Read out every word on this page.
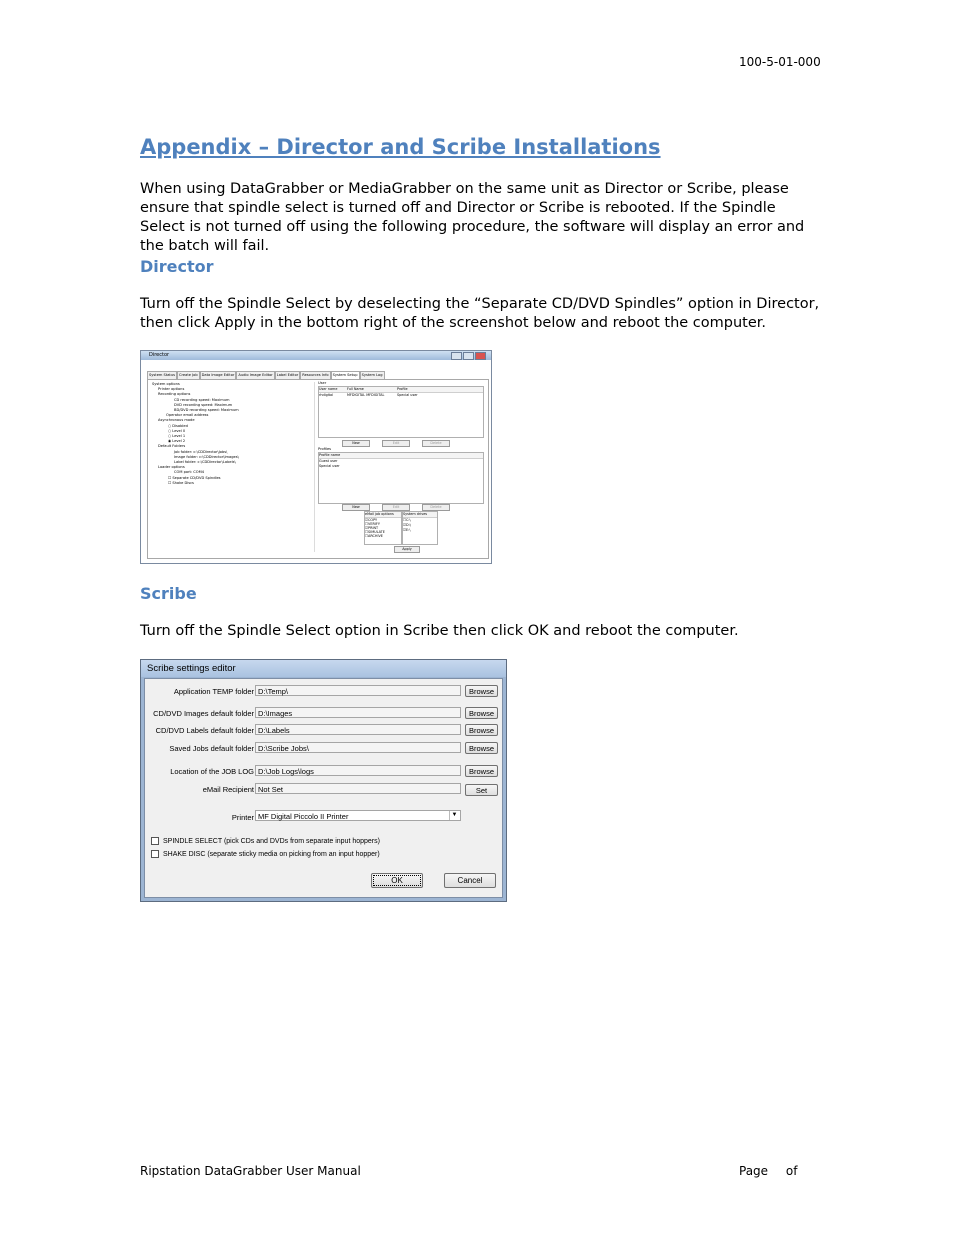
100-5-01-000
Appendix – Director and Scribe Installations

When using DataGrabber or MediaGrabber on the same unit as Director or Scribe, please ensure that spindle select is turned off and Director or Scribe is rebooted. If the Spindle Select is not turned off using the following procedure, the software will display an error and the batch will fail.

Director

Turn off the Spindle Select by deselecting the “Separate CD/DVD Spindles” option in Director, then click Apply in the bottom right of the screenshot below and reboot the computer.

Director
System Status Create Job Data Image Editor Audio Image Editor Label Editor Resources Info System Setup System Log
System options
Printer options
Recording options
CD recording speed: Maximum
DVD recording speed: Maximum
BD/DVD recording speed: Maximum
Operator email address
Asynchronous mode
○ Disabled
○ Level 0
○ Level 1
◉ Level 2
Default Folders
Job folder: c:\CDDirector\Jobs\
Image folder: c:\CDDirector\Images\
Label folder: c:\CDDirector\Labels\
Loader options
COM port: COM4
☐ Separate CD/DVD Spindles
☐ Shake Discs
User
User name	Full Name	Profile
rhdigital	MFDIGITAL MFDIGITAL	Special user
New	Edit	Delete
Profiles
Profile name
Guest user
Special user
New	Edit	Delete
eMail job options
☑COPY
☐VERIFY
☑PRINT
☐SIMULATE
☐ARCHIVE
System drives
☐C:\
☑D:\
☑E:\
Apply
Scribe

Turn off the Spindle Select option in Scribe then click OK and reboot the computer.

Scribe settings editor
Application TEMP folder D:\Temp\	Browse
CD/DVD Images default folder D:\Images	Browse
CD/DVD Labels default folder D:\Labels	Browse
Saved Jobs default folder D:\Scribe Jobs\	Browse
Location of the JOB LOG D:\Job Logs\logs	Browse
eMail Recipient Not Set	Set
Printer MF Digital Piccolo II Printer	▼
SPINDLE SELECT (pick CDs and DVDs from separate input hoppers)
SHAKE DISC (separate sticky media on picking from an input hopper)
OK	Cancel
Ripstation DataGrabber User Manual	Page of
